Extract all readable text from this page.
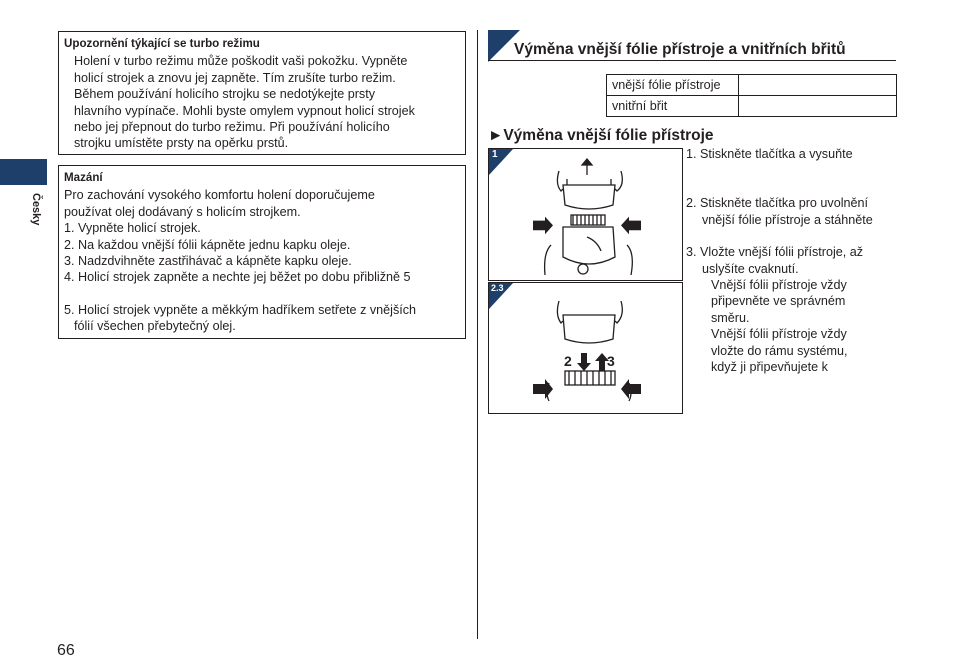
Upozornění týkající se turbo režimu
Holení v turbo režimu může poškodit vaši pokožku. Vypněte
holicí strojek a znovu jej zapněte. Tím zrušíte turbo režim.
Během používání holicího strojku se nedotýkejte prsty
hlavního vypínače. Mohli byste omylem vypnout holicí strojek
nebo jej přepnout do turbo režimu. Při používání holicího
strojku umístěte prsty na opěrku prstů.
Mazání
Pro zachování vysokého komfortu holení doporučujeme
používat olej dodávaný s holicím strojkem.
1. Vypněte holicí strojek.
2. Na každou vnější fólii kápněte jednu kapku oleje.
3. Nadzdvihněte zastřihávač a kápněte kapku oleje.
4. Holicí strojek zapněte a nechte jej běžet po dobu přibližně 5
5. Holicí strojek vypněte a měkkým hadříkem setřete z vnějších
fólií všechen přebytečný olej.
Česky
66
Výměna vnější fólie přístroje a vnitřních břitů
vnější fólie přístroje	
vnitřní břit	
►Výměna vnější fólie přístroje
1
2.3
2	3
1. Stiskněte tlačítka a vysuňte
2. Stiskněte tlačítka pro uvolnění
vnější fólie přístroje a stáhněte
3. Vložte vnější fólii přístroje, až
uslyšíte cvaknutí.
Vnější fólii přístroje vždy
připevněte ve správném
směru.
Vnější fólii přístroje vždy
vložte do rámu systému,
když ji připevňujete k
